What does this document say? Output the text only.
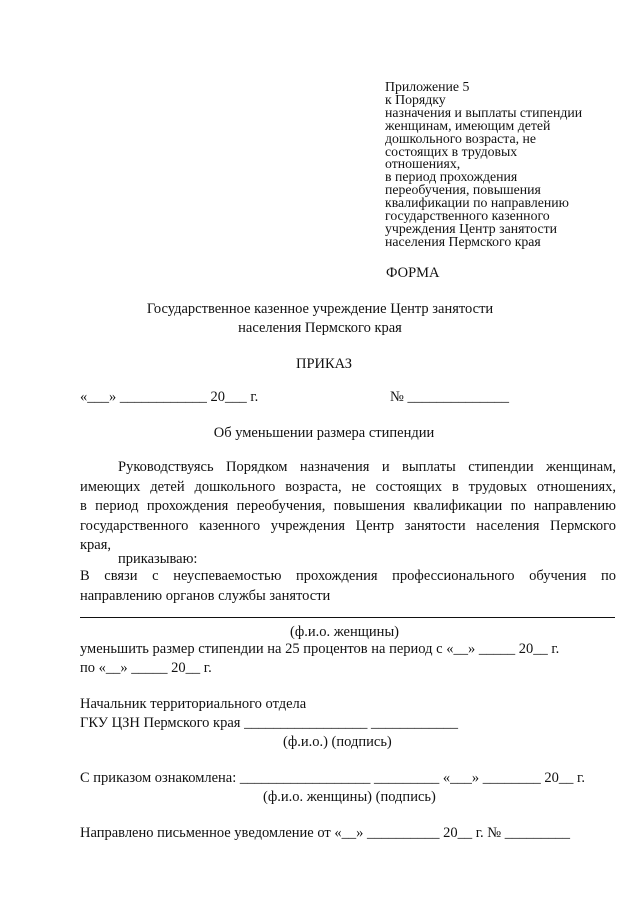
Приложение 5
к Порядку
назначения и выплаты стипендии
женщинам, имеющим детей
дошкольного возраста, не
состоящих в трудовых
отношениях,
в период прохождения
переобучения, повышения
квалификации по направлению
государственного казенного
учреждения Центр занятости
населения Пермского края
ФОРМА
Государственное казенное учреждение Центр занятости
населения Пермского края
ПРИКАЗ
«___» ____________ 20___ г.	№ ______________
Об уменьшении размера стипендии
Руководствуясь Порядком назначения и выплаты стипендии женщинам,
имеющих детей дошкольного возраста, не состоящих в трудовых отношениях,
в период прохождения переобучения, повышения квалификации по направлению
государственного казенного учреждения Центр занятости населения Пермского
края,
приказываю:
В связи с неуспеваемостью прохождения профессионального обучения по
направлению органов службы занятости
(ф.и.о. женщины)
уменьшить размер стипендии на 25 процентов на период с «__» _____ 20__ г.
по «__» _____ 20__ г.
Начальник территориального отдела
ГКУ ЦЗН Пермского края _________________ ____________
(ф.и.о.) (подпись)
С приказом ознакомлена: __________________ _________ «___» ________ 20__ г.
(ф.и.о. женщины) (подпись)
Направлено письменное уведомление от «__» __________ 20__ г. № _________
